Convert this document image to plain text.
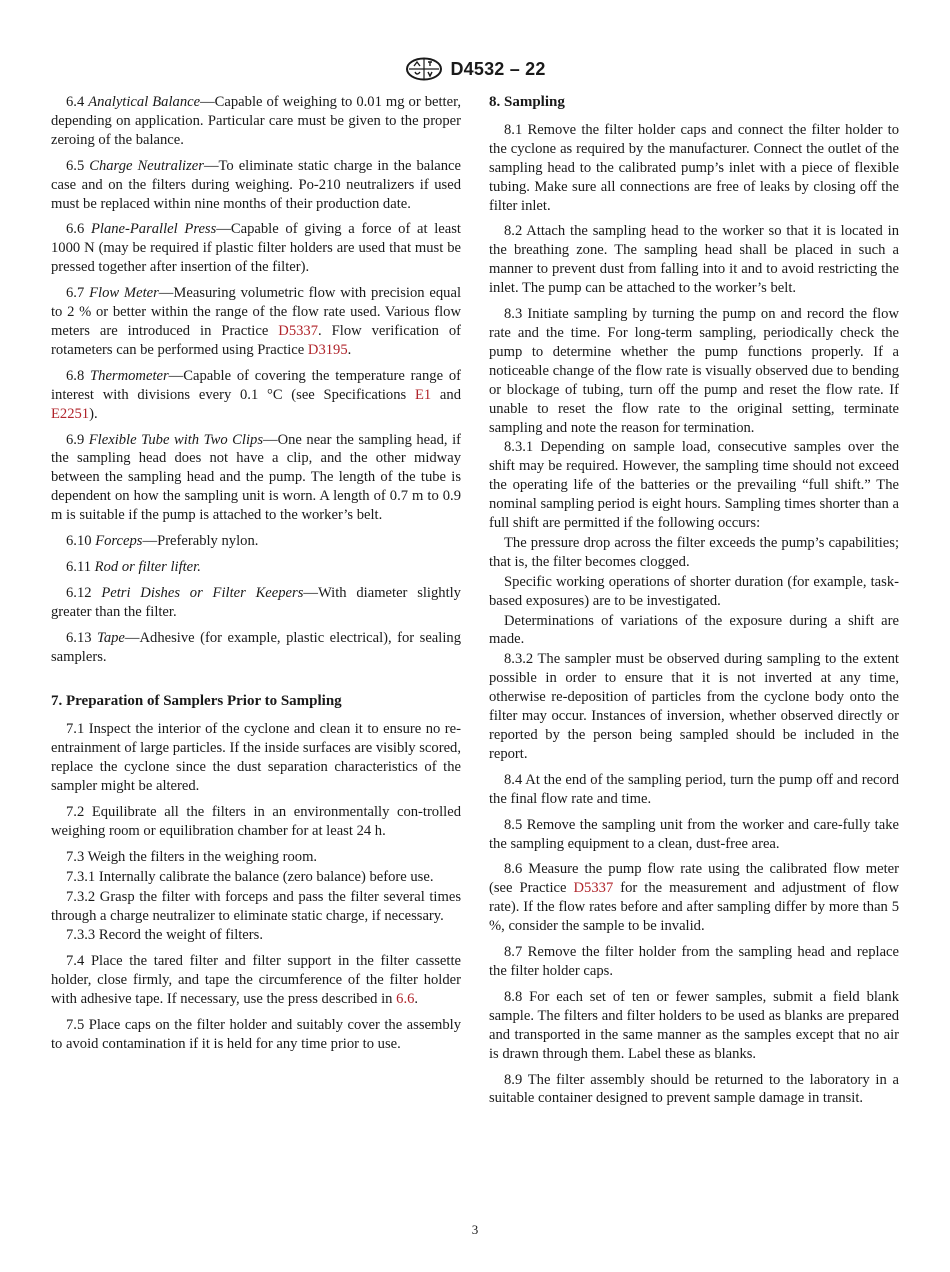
D4532 – 22

6.4 Analytical Balance—Capable of weighing to 0.01 mg or better, depending on application. Particular care must be given to the proper zeroing of the balance.

6.5 Charge Neutralizer—To eliminate static charge in the balance case and on the filters during weighing. Po-210 neutralizers if used must be replaced within nine months of their production date.

6.6 Plane-Parallel Press—Capable of giving a force of at least 1000 N (may be required if plastic filter holders are used that must be pressed together after insertion of the filter).

6.7 Flow Meter—Measuring volumetric flow with precision equal to 2 % or better within the range of the flow rate used. Various flow meters are introduced in Practice D5337. Flow verification of rotameters can be performed using Practice D3195.

6.8 Thermometer—Capable of covering the temperature range of interest with divisions every 0.1 °C (see Specifications E1 and E2251).

6.9 Flexible Tube with Two Clips—One near the sampling head, if the sampling head does not have a clip, and the other midway between the sampling head and the pump. The length of the tube is dependent on how the sampling unit is worn. A length of 0.7 m to 0.9 m is suitable if the pump is attached to the worker’s belt.

6.10 Forceps—Preferably nylon.

6.11 Rod or filter lifter.

6.12 Petri Dishes or Filter Keepers—With diameter slightly greater than the filter.

6.13 Tape—Adhesive (for example, plastic electrical), for sealing samplers.

7. Preparation of Samplers Prior to Sampling

7.1 Inspect the interior of the cyclone and clean it to ensure no re-entrainment of large particles. If the inside surfaces are visibly scored, replace the cyclone since the dust separation characteristics of the sampler might be altered.

7.2 Equilibrate all the filters in an environmentally con-trolled weighing room or equilibration chamber for at least 24 h.

7.3 Weigh the filters in the weighing room.

7.3.1 Internally calibrate the balance (zero balance) before use.

7.3.2 Grasp the filter with forceps and pass the filter several times through a charge neutralizer to eliminate static charge, if necessary.

7.3.3 Record the weight of filters.

7.4 Place the tared filter and filter support in the filter cassette holder, close firmly, and tape the circumference of the filter holder with adhesive tape. If necessary, use the press described in 6.6.

7.5 Place caps on the filter holder and suitably cover the assembly to avoid contamination if it is held for any time prior to use.

8. Sampling

8.1 Remove the filter holder caps and connect the filter holder to the cyclone as required by the manufacturer. Connect the outlet of the sampling head to the calibrated pump’s inlet with a piece of flexible tubing. Make sure all connections are free of leaks by closing off the filter inlet.

8.2 Attach the sampling head to the worker so that it is located in the breathing zone. The sampling head shall be placed in such a manner to prevent dust from falling into it and to avoid restricting the inlet. The pump can be attached to the worker’s belt.

8.3 Initiate sampling by turning the pump on and record the flow rate and the time. For long-term sampling, periodically check the pump to determine whether the pump functions properly. If a noticeable change of the flow rate is visually observed due to bending or blockage of tubing, turn off the pump and reset the flow rate. If unable to reset the flow rate to the original setting, terminate sampling and note the reason for termination.

8.3.1 Depending on sample load, consecutive samples over the shift may be required. However, the sampling time should not exceed the operating life of the batteries or the prevailing “full shift.” The nominal sampling period is eight hours. Sampling times shorter than a full shift are permitted if the following occurs:

The pressure drop across the filter exceeds the pump’s capabilities; that is, the filter becomes clogged.

Specific working operations of shorter duration (for example, task-based exposures) are to be investigated.

Determinations of variations of the exposure during a shift are made.

8.3.2 The sampler must be observed during sampling to the extent possible in order to ensure that it is not inverted at any time, otherwise re-deposition of particles from the cyclone body onto the filter may occur. Instances of inversion, whether observed directly or reported by the person being sampled should be included in the report.

8.4 At the end of the sampling period, turn the pump off and record the final flow rate and time.

8.5 Remove the sampling unit from the worker and care-fully take the sampling equipment to a clean, dust-free area.

8.6 Measure the pump flow rate using the calibrated flow meter (see Practice D5337 for the measurement and adjustment of flow rate). If the flow rates before and after sampling differ by more than 5 %, consider the sample to be invalid.

8.7 Remove the filter holder from the sampling head and replace the filter holder caps.

8.8 For each set of ten or fewer samples, submit a field blank sample. The filters and filter holders to be used as blanks are prepared and transported in the same manner as the samples except that no air is drawn through them. Label these as blanks.

8.9 The filter assembly should be returned to the laboratory in a suitable container designed to prevent sample damage in transit.

3
